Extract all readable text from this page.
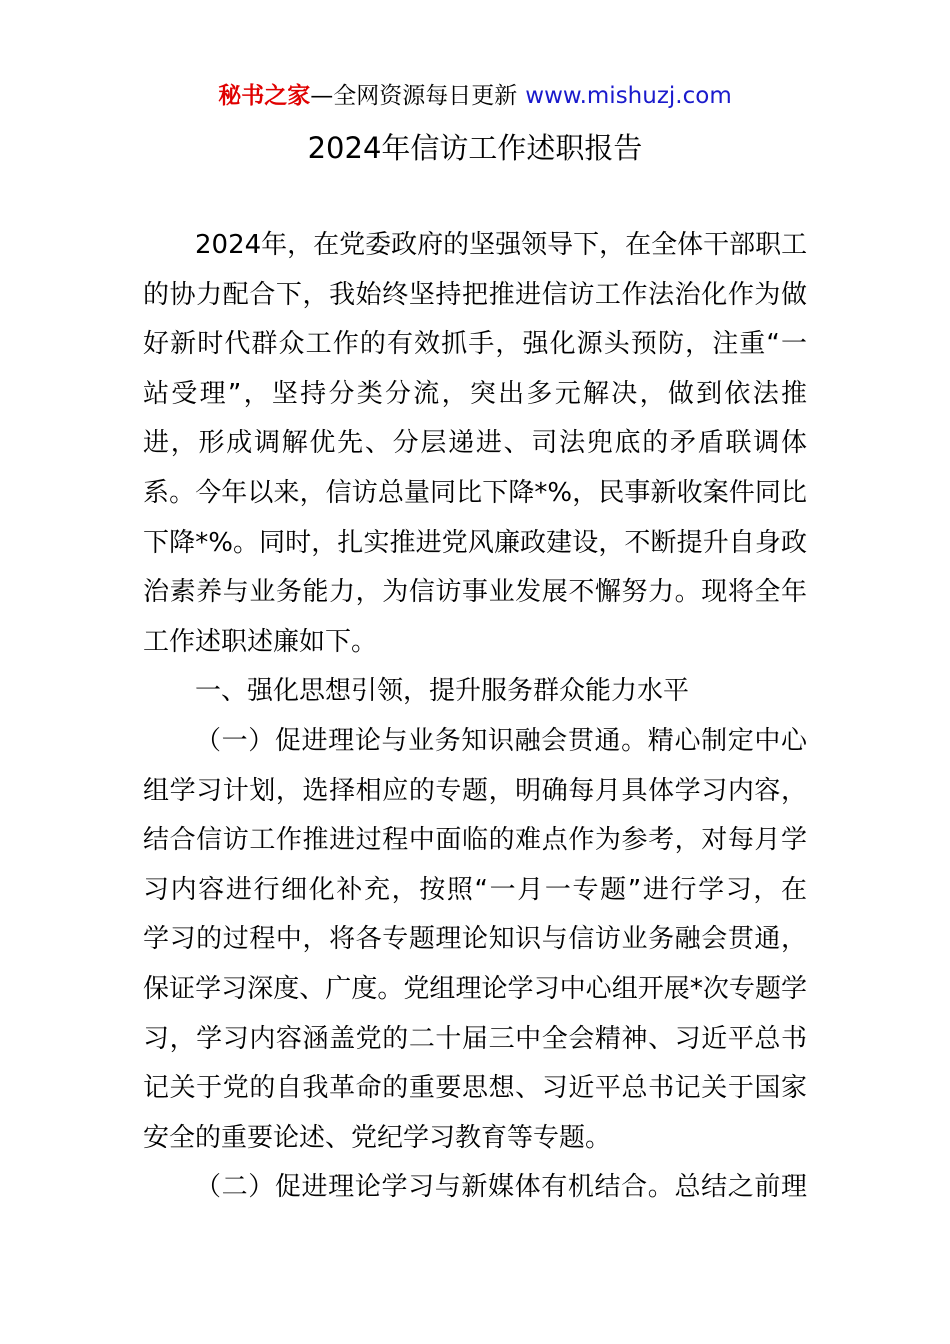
秘书之家—全网资源每日更新 www.mishuzj.com
2024年信访工作述职报告
2024年，在党委政府的坚强领导下，在全体干部职工
的协力配合下，我始终坚持把推进信访工作法治化作为做
好新时代群众工作的有效抓手，强化源头预防，注重“一
站受理”，坚持分类分流，突出多元解决，做到依法推
进，形成调解优先、分层递进、司法兜底的矛盾联调体
系。今年以来，信访总量同比下降*%，民事新收案件同比
下降*%。同时，扎实推进党风廉政建设，不断提升自身政
治素养与业务能力，为信访事业发展不懈努力。现将全年
工作述职述廉如下。
一、强化思想引领，提升服务群众能力水平
（一）促进理论与业务知识融会贯通。精心制定中心
组学习计划，选择相应的专题，明确每月具体学习内容，
结合信访工作推进过程中面临的难点作为参考，对每月学
习内容进行细化补充，按照“一月一专题”进行学习，在
学习的过程中，将各专题理论知识与信访业务融会贯通，
保证学习深度、广度。党组理论学习中心组开展*次专题学
习，学习内容涵盖党的二十届三中全会精神、习近平总书
记关于党的自我革命的重要思想、习近平总书记关于国家
安全的重要论述、党纪学习教育等专题。
（二）促进理论学习与新媒体有机结合。总结之前理
